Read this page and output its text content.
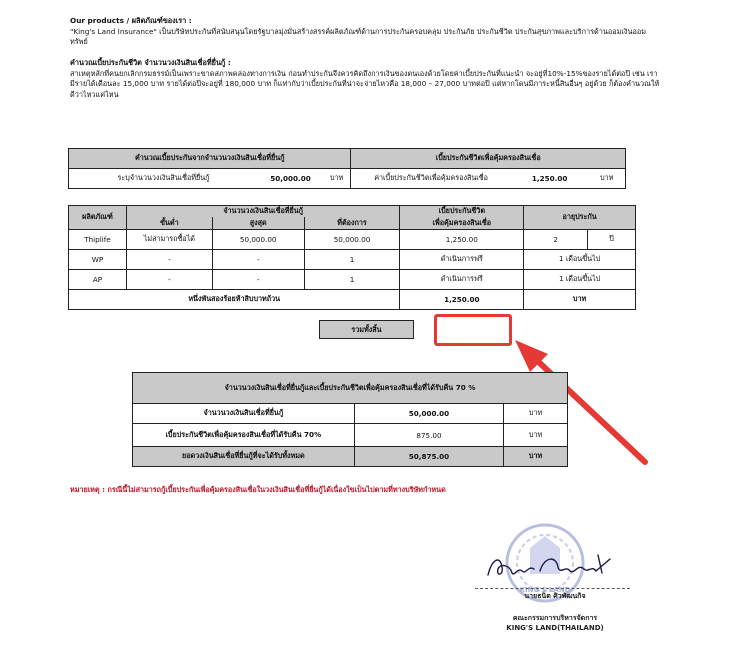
Our products / ผลิตภัณฑ์ของเรา :
"King's Land Insurance" เป็นบริษัทประกันที่สนับสนุนโดยรัฐบาลมุ่งมั่นสร้างสรรค์ผลิตภัณฑ์ด้านการประกันครอบคลุม ประกันภัย ประกันชีวิต ประกันสุขภาพและบริการด้านออมเงินออมทรัพย์
คำนวณเบี้ยประกันชีวิต จำนวนวงเงินสินเชื่อที่ยื่นกู้ :
สาเหตุหลักที่คนยกเลิกกรมธรรม์เป็นเพราะขาดสภาพคล่องทางการเงิน ก่อนทำประกันจึงควรคิดถึงการเงินของตนเองด้วยโดยค่าเบี้ยประกันที่แนะนำ จะอยู่ที่10%-15%ของรายได้ต่อปี เช่น เรามีรายได้เดือนละ 15,000 บาท รายได้ต่อปีจะอยู่ที่ 180,000 บาท ก็แท่ากับว่าเบี้ยประกันที่น่าจะจ่ายไหวคือ 18,000 – 27,000 บาทต่อปี แต่หากโดนมีภาระหนี้สินอื่นๆ อยู่ด้วย ก็ต้องคำนวณให้ดีว่าไหวแค่ไหน
คำนวณเบี้ยประกันจากจำนวนวงเงินสินเชื่อที่ยื่นกู้			เบี้ยประกันชีวิตเพื่อคุ้มครองสินเชื่อ		
ระบุจำนวนวงเงินสินเชื่อที่ยื่นกู้	50,000.00	บาท	ค่าเบี้ยประกันชีวิตเพื่อคุ้มครองสินเชื่อ	1,250.00	บาท
ผลิตภัณฑ์	จำนวนวงเงินสินเชื่อที่ยื่นกู้			เบี้ยประกันชีวิต	อายุประกัน	
	ขั้นต่ำ	สูงสุด	ที่ต้องการ	เพื่อคุ้มครองสินเชื่อ		
Thiplife	ไม่สามารถซื้อได้	50,000.00	50,000.00	1,250.00	2	ปี
WP	-	-	1	ดำเนินการฟรี	1 เดือนขึ้นไป	
AP	-	-	1	ดำเนินการฟรี	1 เดือนขึ้นไป	
หนึ่งพันสองร้อยห้าสิบบาทถ้วน				1,250.00	บาท	
รวมทั้งสิ้น
จำนวนวงเงินสินเชื่อที่ยื่นกู้และเบี้ยประกันชีวิตเพื่อคุ้มครองสินเชื่อที่ได้รับคืน 70 %		
จำนวนวงเงินสินเชื่อที่ยื่นกู้	50,000.00	บาท
เบี้ยประกันชีวิตเพื่อคุ้มครองสินเชื่อที่ได้รับคืน 70%	875.00	บาท
ยอดวงเงินสินเชื่อที่ยื่นกู้ที่จะได้รับทั้งหมด	50,875.00	บาท
หมายเหตุ : กรณีนี้ไม่สามารถกู้เบี้ยประกันเพื่อคุ้มครองสินเชื่อในวงเงินสินเชื่อที่ยื่นกู้ได้เนื่องใขเป็นไปตามที่ทางบริษัทกำหนด
KING'S LAND
นายธนิต ศิวพัฒนกิจ
คณะกรรมการบริหารจัดการ
KING'S LAND(THAILAND)
